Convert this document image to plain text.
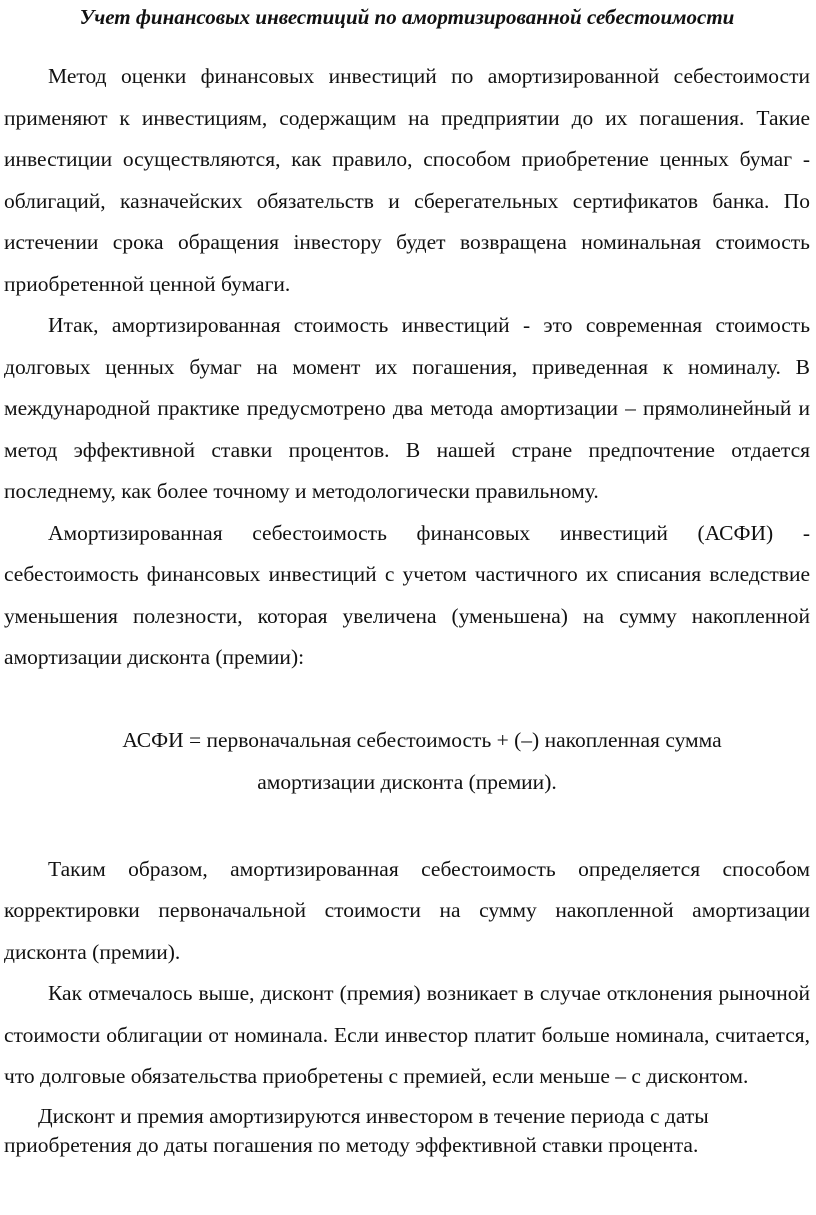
Учет финансовых инвестиций по амортизированной себестоимости

Метод оценки финансовых инвестиций по амортизированной себестоимости применяют к инвестициям, содержащим на предприятии до их погашения. Такие инвестиции осуществляются, как правило, способом приобретение ценных бумаг - облигаций, казначейских обязательств и сберегательных сертификатов банка. По истечении срока обращения інвестору будет возвращена номинальная стоимость приобретенной ценной бумаги.

Итак, амортизированная стоимость инвестиций - это современная стоимость долговых ценных бумаг на момент их погашения, приведенная к номиналу. В международной практике предусмотрено два метода амортизации – прямолинейный и метод эффективной ставки процентов. В нашей стране предпочтение отдается последнему, как более точному и методологически правильному.

Амортизированная себестоимость финансовых инвестиций (АСФИ) - себестоимость финансовых инвестиций с учетом частичного их списания вследствие уменьшения полезности, которая увеличена (уменьшена) на сумму накопленной амортизации дисконта (премии):

АСФИ = первоначальная себестоимость + (–) накопленная сумма
амортизации дисконта (премии).

Таким образом, амортизированная себестоимость определяется способом корректировки первоначальной стоимости на сумму накопленной амортизации дисконта (премии).

Как отмечалось выше, дисконт (премия) возникает в случае отклонения рыночной стоимости облигации от номинала. Если инвестор платит больше номинала, считается, что долговые обязательства приобретены с премией, если меньше – с дисконтом.

Дисконт и премия амортизируются инвестором в течение периода с даты приобретения до даты погашения по методу эффективной ставки процента.
